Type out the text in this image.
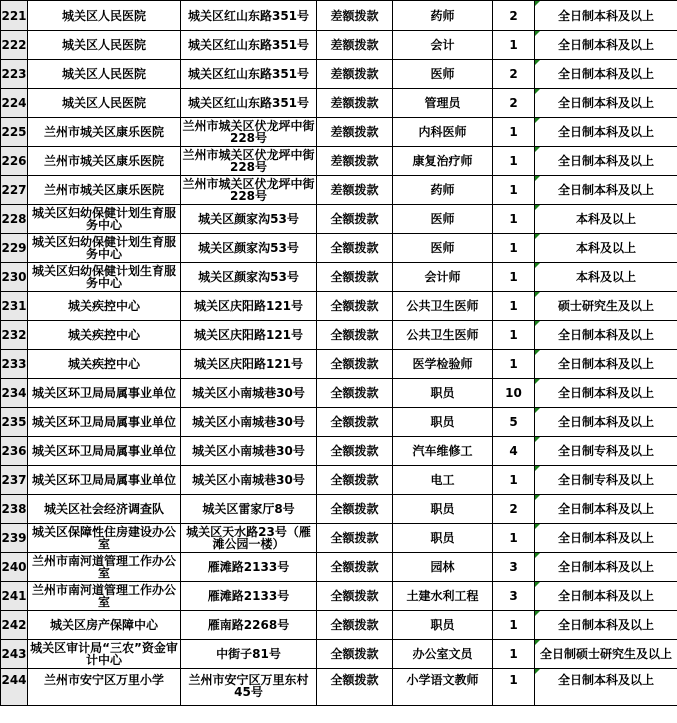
221	城关区人民医院	城关区红山东路351号	差额拨款	药师	2	全日制本科及以上
222	城关区人民医院	城关区红山东路351号	差额拨款	会计	1	全日制本科及以上
223	城关区人民医院	城关区红山东路351号	差额拨款	医师	2	全日制本科及以上
224	城关区人民医院	城关区红山东路351号	差额拨款	管理员	2	全日制本科及以上
225	兰州市城关区康乐医院	兰州市城关区伏龙坪中街228号	差额拨款	内科医师	1	全日制本科及以上
226	兰州市城关区康乐医院	兰州市城关区伏龙坪中街228号	差额拨款	康复治疗师	1	全日制本科及以上
227	兰州市城关区康乐医院	兰州市城关区伏龙坪中街228号	差额拨款	药师	1	全日制本科及以上
228	城关区妇幼保健计划生育服务中心	城关区颜家沟53号	全额拨款	医师	1	本科及以上
229	城关区妇幼保健计划生育服务中心	城关区颜家沟53号	全额拨款	医师	1	本科及以上
230	城关区妇幼保健计划生育服务中心	城关区颜家沟53号	全额拨款	会计师	1	本科及以上
231	城关疾控中心	城关区庆阳路121号	全额拨款	公共卫生医师	1	硕士研究生及以上
232	城关疾控中心	城关区庆阳路121号	全额拨款	公共卫生医师	1	全日制本科及以上
233	城关疾控中心	城关区庆阳路121号	全额拨款	医学检验师	1	全日制本科及以上
234	城关区环卫局局属事业单位	城关区小南城巷30号	全额拨款	职员	10	全日制本科及以上
235	城关区环卫局局属事业单位	城关区小南城巷30号	全额拨款	职员	5	全日制本科及以上
236	城关区环卫局局属事业单位	城关区小南城巷30号	全额拨款	汽车维修工	4	全日制专科及以上
237	城关区环卫局局属事业单位	城关区小南城巷30号	全额拨款	电工	1	全日制专科及以上
238	城关区社会经济调查队	城关区雷家厅8号	全额拨款	职员	2	全日制本科及以上
239	城关区保障性住房建设办公室	城关区天水路23号（雁滩公园一楼）	全额拨款	职员	1	全日制本科及以上
240	兰州市南河道管理工作办公室	雁滩路2133号	全额拨款	园林	3	全日制本科及以上
241	兰州市南河道管理工作办公室	雁滩路2133号	全额拨款	土建水利工程	3	全日制本科及以上
242	城关区房产保障中心	雁南路2268号	全额拨款	职员	1	全日制本科及以上
243	城关区审计局“三农”资金审计中心	中街子81号	全额拨款	办公室文员	1	全日制硕士研究生及以上
244	兰州市安宁区万里小学	兰州市安宁区万里东村45号	全额拨款	小学语文教师	1	全日制本科及以上
